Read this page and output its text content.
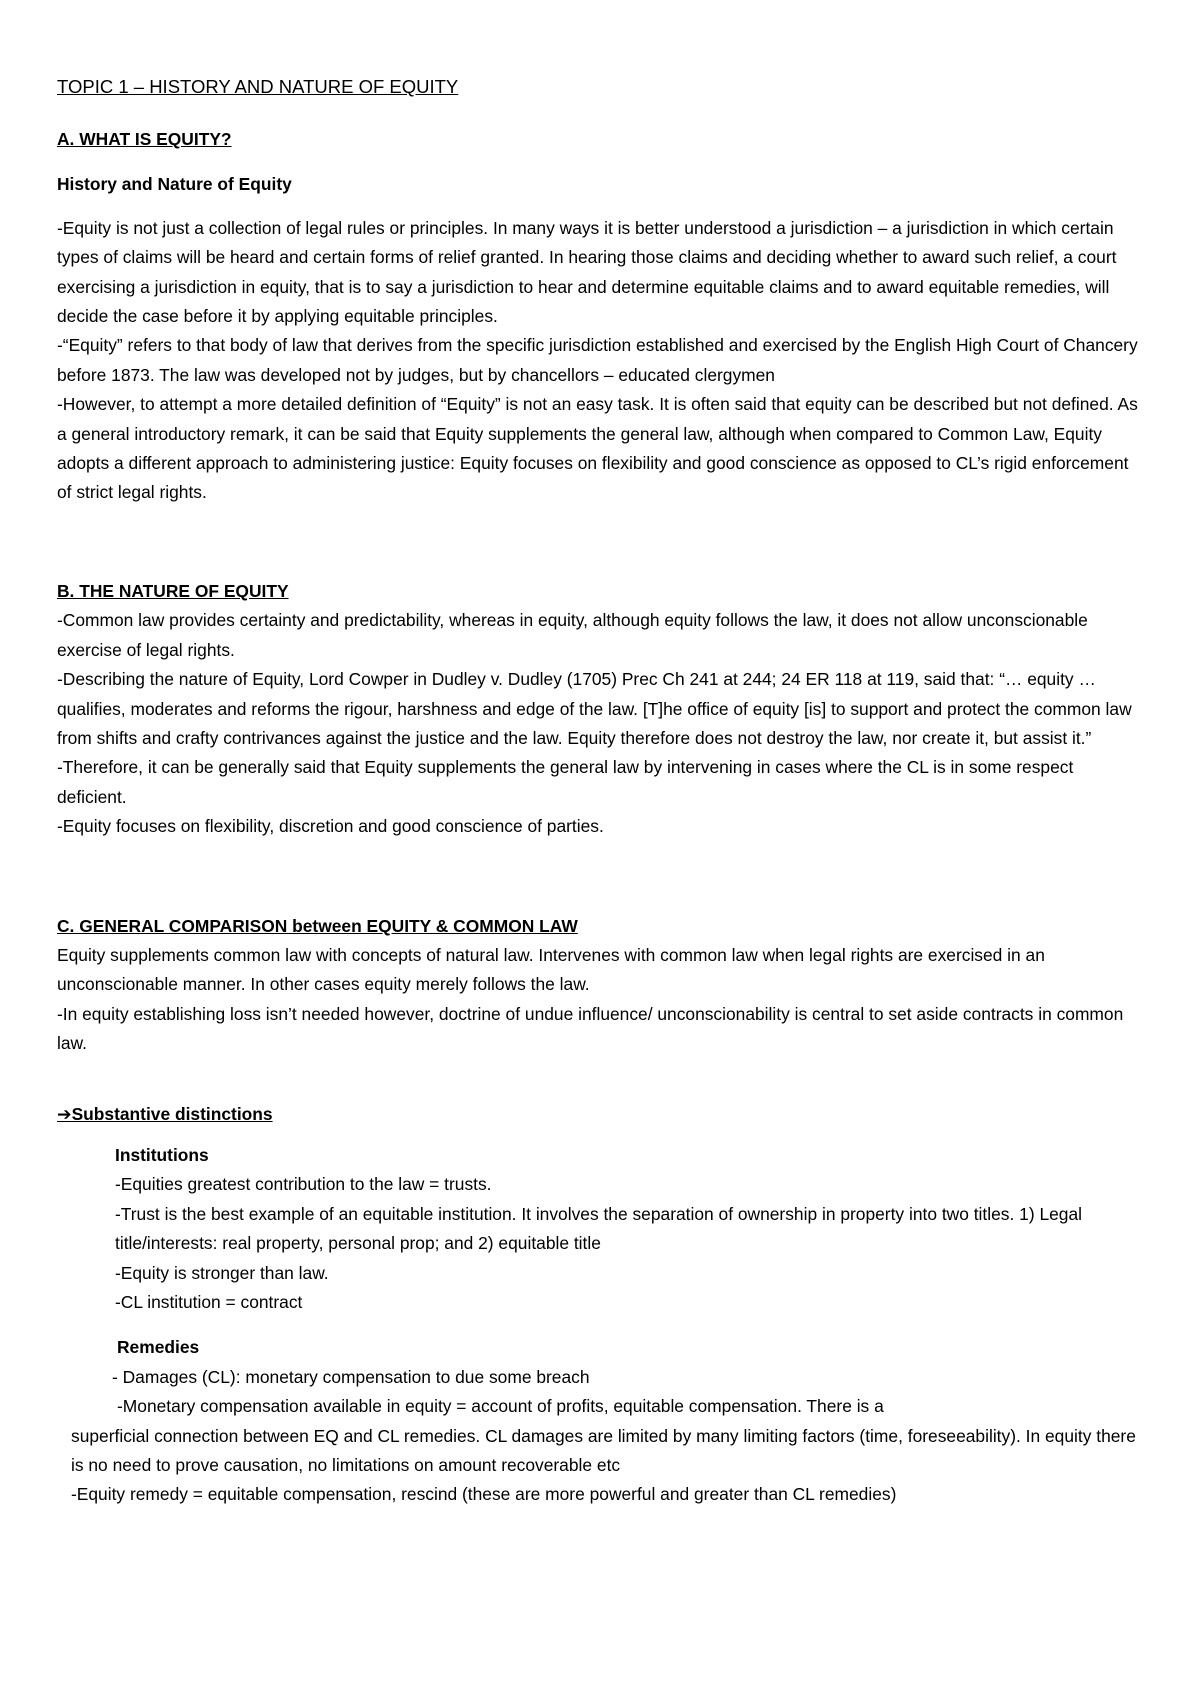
TOPIC 1 – HISTORY AND NATURE OF EQUITY
A. WHAT IS EQUITY?
History and Nature of Equity

-Equity is not just a collection of legal rules or principles. In many ways it is better understood a jurisdiction – a jurisdiction in which certain types of claims will be heard and certain forms of relief granted. In hearing those claims and deciding whether to award such relief, a court exercising a jurisdiction in equity, that is to say a jurisdiction to hear and determine equitable claims and to award equitable remedies, will decide the case before it by applying equitable principles.

-“Equity” refers to that body of law that derives from the specific jurisdiction established and exercised by the English High Court of Chancery before 1873. The law was developed not by judges, but by chancellors – educated clergymen

-However, to attempt a more detailed definition of “Equity” is not an easy task. It is often said that equity can be described but not defined. As a general introductory remark, it can be said that Equity supplements the general law, although when compared to Common Law, Equity adopts a different approach to administering justice: Equity focuses on flexibility and good conscience as opposed to CL’s rigid enforcement of strict legal rights.

B. THE NATURE OF EQUITY

-Common law provides certainty and predictability, whereas in equity, although equity follows the law, it does not allow unconscionable exercise of legal rights.

-Describing the nature of Equity, Lord Cowper in Dudley v. Dudley (1705) Prec Ch 241 at 244; 24 ER 118 at 119, said that: “… equity … qualifies, moderates and reforms the rigour, harshness and edge of the law. [T]he office of equity [is] to support and protect the common law from shifts and crafty contrivances against the justice and the law. Equity therefore does not destroy the law, nor create it, but assist it.”

-Therefore, it can be generally said that Equity supplements the general law by intervening in cases where the CL is in some respect deficient.

-Equity focuses on flexibility, discretion and good conscience of parties.

C. GENERAL COMPARISON between EQUITY & COMMON LAW

Equity supplements common law with concepts of natural law. Intervenes with common law when legal rights are exercised in an unconscionable manner. In other cases equity merely follows the law.

-In equity establishing loss isn’t needed however, doctrine of undue influence/ unconscionability is central to set aside contracts in common law.

➔Substantive distinctions
Institutions

-Equities greatest contribution to the law = trusts.

-Trust is the best example of an equitable institution. It involves the separation of ownership in property into two titles. 1) Legal title/interests: real property, personal prop; and 2) equitable title

-Equity is stronger than law.

-CL institution = contract

Remedies

- Damages (CL): monetary compensation to due some breach

-Monetary compensation available in equity = account of profits, equitable compensation. There is a

superficial connection between EQ and CL remedies. CL damages are limited by many limiting factors (time, foreseeability). In equity there is no need to prove causation, no limitations on amount recoverable etc

-Equity remedy = equitable compensation, rescind (these are more powerful and greater than CL remedies)
